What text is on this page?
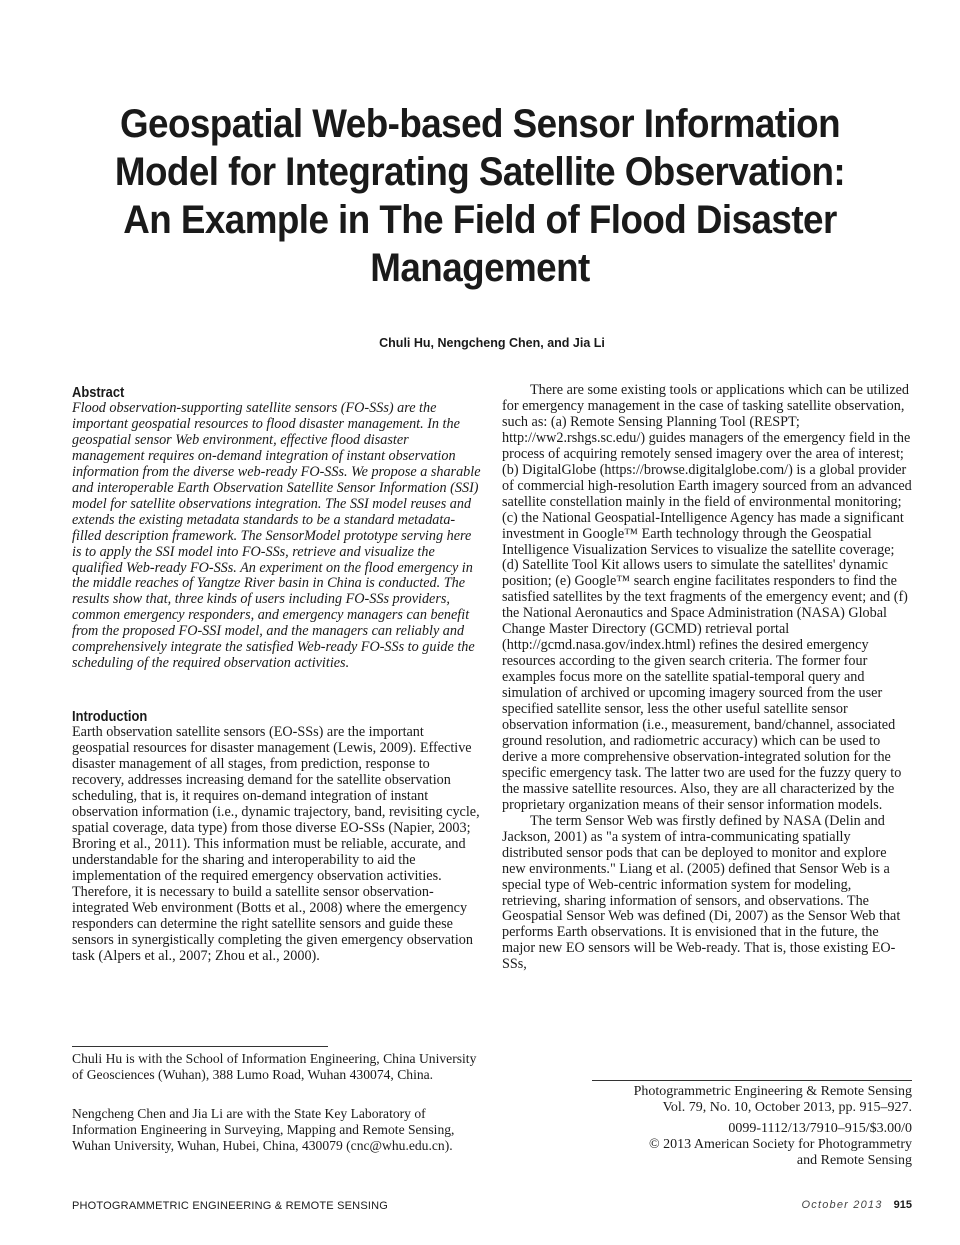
Geospatial Web-based Sensor Information Model for Integrating Satellite Observation: An Example in The Field of Flood Disaster Management
Chuli Hu, Nengcheng Chen, and Jia Li
Abstract

Flood observation-supporting satellite sensors (FO-SSs) are the important geospatial resources to flood disaster management. In the geospatial sensor Web environment, effective flood disaster management requires on-demand integration of instant observation information from the diverse web-ready FO-SSs. We propose a sharable and interoperable Earth Observation Satellite Sensor Information (SSI) model for satellite observations integration. The SSI model reuses and extends the existing metadata standards to be a standard metadata-filled description framework. The SensorModel prototype serving here is to apply the SSI model into FO-SSs, retrieve and visualize the qualified Web-ready FO-SSs. An experiment on the flood emergency in the middle reaches of Yangtze River basin in China is conducted. The results show that, three kinds of users including FO-SSs providers, common emergency responders, and emergency managers can benefit from the proposed FO-SSI model, and the managers can reliably and comprehensively integrate the satisfied Web-ready FO-SSs to guide the scheduling of the required observation activities.

Introduction

Earth observation satellite sensors (EO-SSs) are the important geospatial resources for disaster management (Lewis, 2009). Effective disaster management of all stages, from prediction, response to recovery, addresses increasing demand for the satellite observation scheduling, that is, it requires on-demand integration of instant observation information (i.e., dynamic trajectory, band, revisiting cycle, spatial coverage, data type) from those diverse EO-SSs (Napier, 2003; Broring et al., 2011). This information must be reliable, accurate, and understandable for the sharing and interoperability to aid the implementation of the required emergency observation activities. Therefore, it is necessary to build a satellite sensor observation-integrated Web environment (Botts et al., 2008) where the emergency responders can determine the right satellite sensors and guide these sensors in synergistically completing the given emergency observation task (Alpers et al., 2007; Zhou et al., 2000).

There are some existing tools or applications which can be utilized for emergency management in the case of tasking satellite observation, such as: (a) Remote Sensing Planning Tool (RESPT; http://ww2.rshgs.sc.edu/) guides managers of the emergency field in the process of acquiring remotely sensed imagery over the area of interest; (b) DigitalGlobe (https://browse.digitalglobe.com/) is a global provider of commercial high-resolution Earth imagery sourced from an advanced satellite constellation mainly in the field of environmental monitoring; (c) the National Geospatial-Intelligence Agency has made a significant investment in Google™ Earth technology through the Geospatial Intelligence Visualization Services to visualize the satellite coverage; (d) Satellite Tool Kit allows users to simulate the satellites' dynamic position; (e) Google™ search engine facilitates responders to find the satisfied satellites by the text fragments of the emergency event; and (f) the National Aeronautics and Space Administration (NASA) Global Change Master Directory (GCMD) retrieval portal (http://gcmd.nasa.gov/index.html) refines the desired emergency resources according to the given search criteria. The former four examples focus more on the satellite spatial-temporal query and simulation of archived or upcoming imagery sourced from the user specified satellite sensor, less the other useful satellite sensor observation information (i.e., measurement, band/channel, associated ground resolution, and radiometric accuracy) which can be used to derive a more comprehensive observation-integrated solution for the specific emergency task. The latter two are used for the fuzzy query to the massive satellite resources. Also, they are all characterized by the proprietary organization means of their sensor information models.

The term Sensor Web was firstly defined by NASA (Delin and Jackson, 2001) as "a system of intra-communicating spatially distributed sensor pods that can be deployed to monitor and explore new environments." Liang et al. (2005) defined that Sensor Web is a special type of Web-centric information system for modeling, retrieving, sharing information of sensors, and observations. The Geospatial Sensor Web was defined (Di, 2007) as the Sensor Web that performs Earth observations. It is envisioned that in the future, the major new EO sensors will be Web-ready. That is, those existing EO-SSs,

Chuli Hu is with the School of Information Engineering, China University of Geosciences (Wuhan), 388 Lumo Road, Wuhan 430074, China.
Nengcheng Chen and Jia Li are with the State Key Laboratory of Information Engineering in Surveying, Mapping and Remote Sensing, Wuhan University, Wuhan, Hubei, China, 430079 (cnc@whu.edu.cn).
Photogrammetric Engineering & Remote Sensing
Vol. 79, No. 10, October 2013, pp. 915–927.
0099-1112/13/7910–915/$3.00/0
© 2013 American Society for Photogrammetry
and Remote Sensing
PHOTOGRAMMETRIC ENGINEERING & REMOTE SENSING	October 2013 915
